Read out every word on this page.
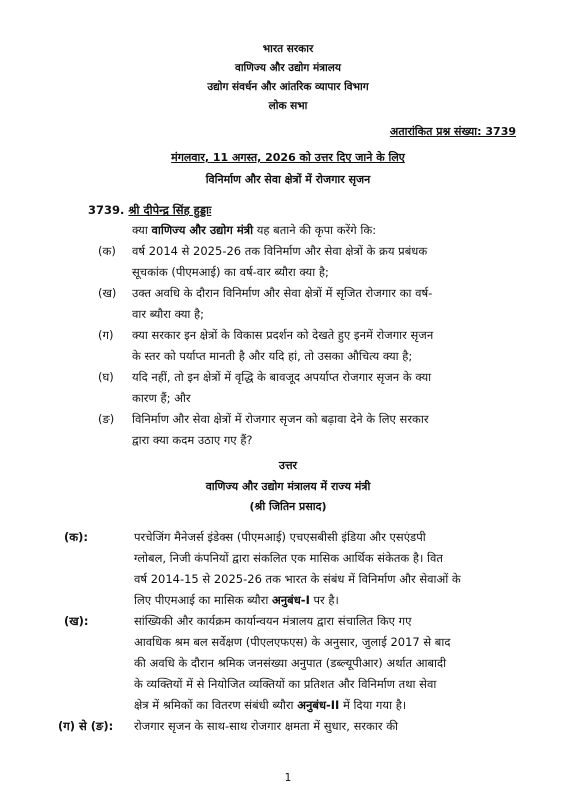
भारत सरकार
वाणिज्य और उद्योग मंत्रालय
उद्योग संवर्धन और आंतरिक व्यापार विभाग
लोक सभा
अतारांकित प्रश्न संख्या: 3739
मंगलवार, 11 अगस्त, 2026 को उत्तर दिए जाने के लिए
विनिर्माण और सेवा क्षेत्रों में रोजगार सृजन
3739. श्री दीपेन्द्र सिंह हुड्डाः
क्या वाणिज्य और उद्योग मंत्री यह बताने की कृपा करेंगे कि:
(क) वर्ष 2014 से 2025-26 तक विनिर्माण और सेवा क्षेत्रों के क्रय प्रबंधक
सूचकांक (पीएमआई) का वर्ष-वार ब्यौरा क्या है;
(ख) उक्त अवधि के दौरान विनिर्माण और सेवा क्षेत्रों में सृजित रोजगार का वर्ष-
वार ब्यौरा क्या है;
(ग) क्या सरकार इन क्षेत्रों के विकास प्रदर्शन को देखते हुए इनमें रोजगार सृजन
के स्तर को पर्याप्त मानती है और यदि हां, तो उसका औचित्य क्या है;
(घ) यदि नहीं, तो इन क्षेत्रों में वृद्धि के बावजूद अपर्याप्त रोजगार सृजन के क्या
कारण हैं; और
(ङ) विनिर्माण और सेवा क्षेत्रों में रोजगार सृजन को बढ़ावा देने के लिए सरकार
द्वारा क्या कदम उठाए गए हैं?
उत्तर
वाणिज्य और उद्योग मंत्रालय में राज्य मंत्री
(श्री जितिन प्रसाद)
(क):	परचेजिंग मैनेजर्स इंडेक्स (पीएमआई) एचएसबीसी इंडिया और एसएंडपी
ग्लोबल, निजी कंपनियों द्वारा संकलित एक मासिक आर्थिक संकेतक है। वित
वर्ष 2014-15 से 2025-26 तक भारत के संबंध में विनिर्माण और सेवाओं के
लिए पीएमआई का मासिक ब्यौरा अनुबंध-I पर है।
(ख):	सांख्यिकी और कार्यक्रम कार्यान्वयन मंत्रालय द्वारा संचालित किए गए
आवधिक श्रम बल सर्वेक्षण (पीएलएफएस) के अनुसार, जुलाई 2017 से बाद
की अवधि के दौरान श्रमिक जनसंख्या अनुपात (डब्ल्यूपीआर) अर्थात आबादी
के व्यक्तियों में से नियोजित व्यक्तियों का प्रतिशत और विनिर्माण तथा सेवा
क्षेत्र में श्रमिकों का वितरण संबंधी ब्यौरा अनुबंध-II में दिया गया है।
(ग) से (ङ): रोजगार सृजन के साथ-साथ रोजगार क्षमता में सुधार, सरकार की
1
